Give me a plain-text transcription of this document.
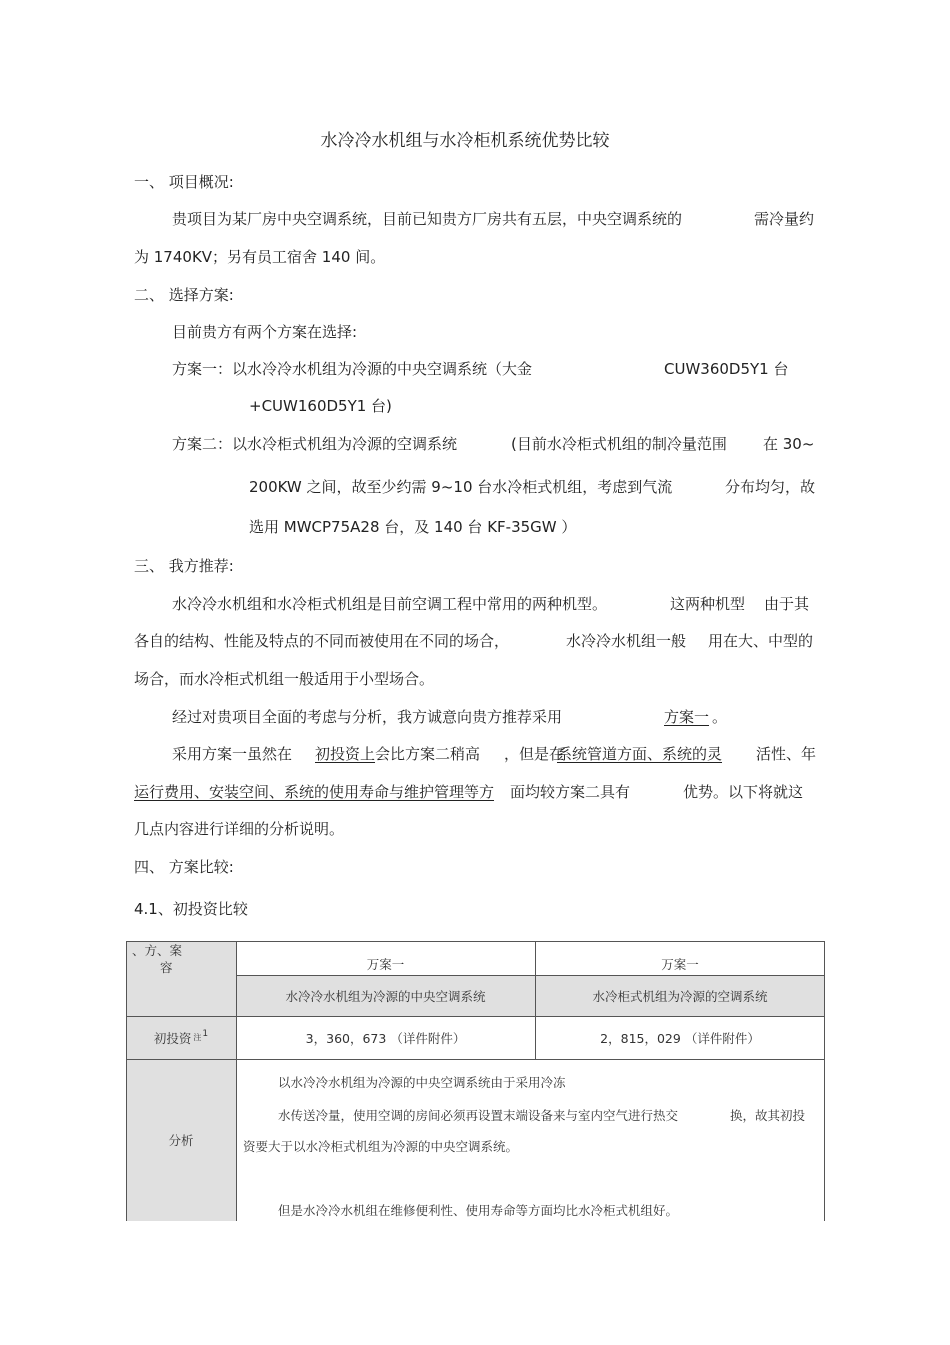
水冷冷水机组与水冷柜机系统优势比较
一、 项目概况:
贵项目为某厂房中央空调系统，目前已知贵方厂房共有五层，中央空调系统的	需冷量约
为 1740KV；另有员工宿舍 140 间。
二、 选择方案:
目前贵方有两个方案在选择:
方案一：以水冷冷水机组为冷源的中央空调系统（大金	CUW360D5Y1 台
+CUW160D5Y1 台)
方案二：以水冷柜式机组为冷源的空调系统	(目前水冷柜式机组的制冷量范围 在 30~
200KW 之间，故至少约需 9~10 台水冷柜式机组，考虑到气流	分布均匀，故
选用 MWCP75A28 台，及 140 台 KF-35GW ）
三、 我方推荐:
水冷冷水机组和水冷柜式机组是目前空调工程中常用的两种机型。	这两种机型 由于其
各自的结构、性能及特点的不同而被使用在不同的场合，	水冷冷水机组一般 用在大、中型的
场合，而水冷柜式机组一般适用于小型场合。
经过对贵项目全面的考虑与分析，我方诚意向贵方推荐采用	方案一 。
采用方案一虽然在 初投资上 会比方案二稍高 ，但是在
系统管道方面、系统的灵 活性、年
运行费用、安装空间、系统的使用寿命与维护管理等方 面均较方案二具有	优势。以下将就这
几点内容进行详细的分析说明。
四、 方案比较:
4.1、初投资比较
、方、案
容	万案一	万案一
水冷冷水机组为冷源的中央空调系统	水冷柜式机组为冷源的空调系统
初投资 注$^1$	3，360，673 （详件附件）	2，815，029 （详件附件）
分析
以水冷冷水机组为冷源的中央空调系统由于采用冷冻
水传送冷量，使用空调的房间必须再设置末端设备来与室内空气进行热交	换，故其初投
资要大于以水冷柜式机组为冷源的中央空调系统。
但是水冷冷水机组在维修便利性、使用寿命等方面均比水冷柜式机组好。
